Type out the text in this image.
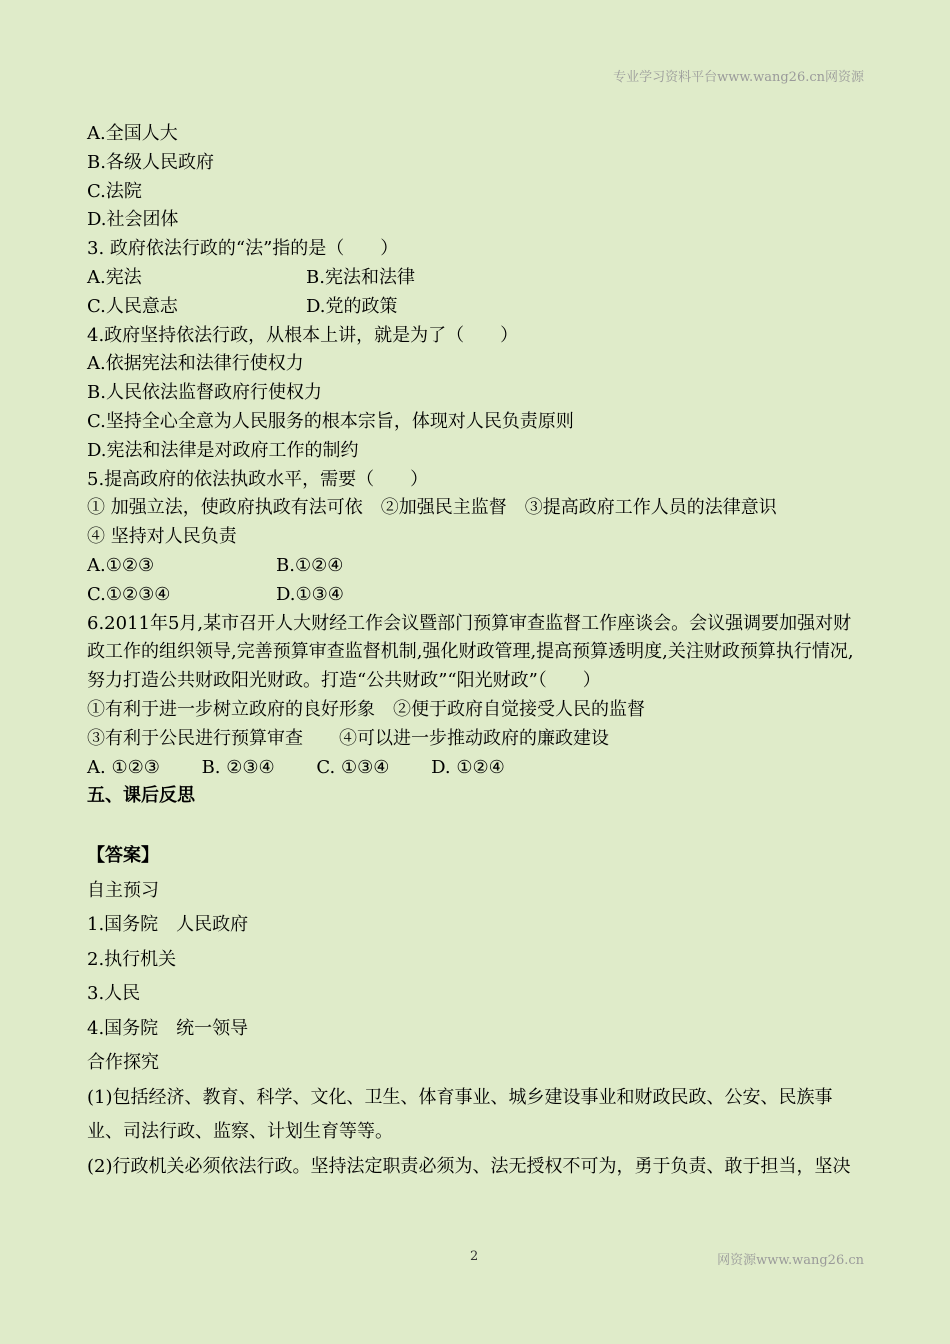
专业学习资料平台www.wang26.cn网资源
A.全国人大
B.各级人民政府
C.法院
D.社会团体
3. 政府依法行政的“法”指的是（　　）
A.宪法	B.宪法和法律
C.人民意志	D.党的政策
4.政府坚持依法行政，从根本上讲，就是为了（　　）
A.依据宪法和法律行使权力
B.人民依法监督政府行使权力
C.坚持全心全意为人民服务的根本宗旨，体现对人民负责原则
D.宪法和法律是对政府工作的制约
5.提高政府的依法执政水平，需要（　　）
① 加强立法，使政府执政有法可依　②加强民主监督　③提高政府工作人员的法律意识
④ 坚持对人民负责
A.①②③	B.①②④
C.①②③④	D.①③④
6.2011年5月,某市召开人大财经工作会议暨部门预算审查监督工作座谈会。会议强调要加强对财政工作的组织领导,完善预算审查监督机制,强化财政管理,提高预算透明度,关注财政预算执行情况,努力打造公共财政阳光财政。打造“公共财政”“阳光财政”（　　）
①有利于进一步树立政府的良好形象　②便于政府自觉接受人民的监督
③有利于公民进行预算审查　　④可以进一步推动政府的廉政建设
A. ①②③　　 B. ②③④　　 C. ①③④　　 D. ①②④
五、课后反思
【答案】
自主预习
1.国务院　人民政府
2.执行机关
3.人民
4.国务院　统一领导
合作探究
(1)包括经济、教育、科学、文化、卫生、体育事业、城乡建设事业和财政民政、公安、民族事业、司法行政、监察、计划生育等等。
(2)行政机关必须依法行政。坚持法定职责必须为、法无授权不可为，勇于负责、敢于担当，坚决
2	网资源www.wang26.cn
